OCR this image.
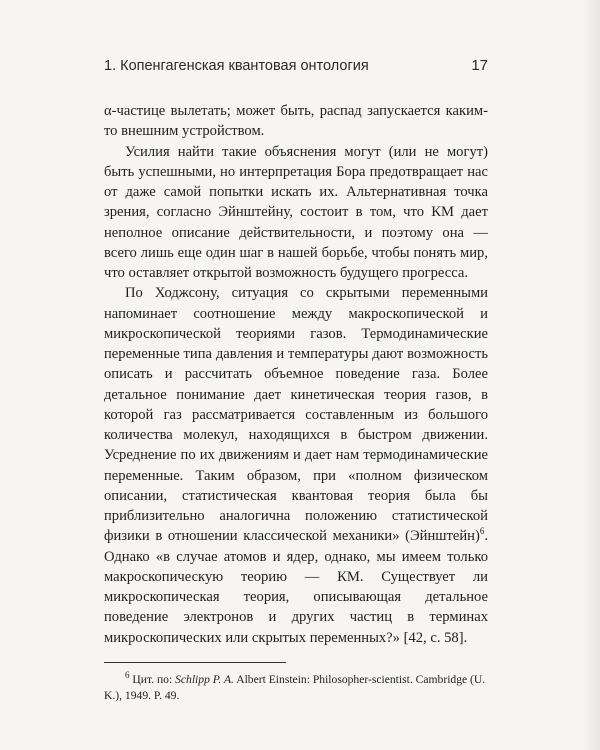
1. Копенгагенская квантовая онтология	17

α-частице вылетать; может быть, распад запускается каким-то внешним устройством.

Усилия найти такие объяснения могут (или не могут) быть успешными, но интерпретация Бора предотвращает нас от даже самой попытки искать их. Альтернативная точка зрения, согласно Эйнштейну, состоит в том, что КМ дает неполное описание действительности, и поэтому она — всего лишь еще один шаг в нашей борьбе, чтобы понять мир, что оставляет открытой возможность будущего прогресса.

По Ходжсону, ситуация со скрытыми переменными напоминает соотношение между макроскопической и микроскопической теориями газов. Термодинамические переменные типа давления и температуры дают возможность описать и рассчитать объемное поведение газа. Более детальное понимание дает кинетическая теория газов, в которой газ рассматривается составленным из большого количества молекул, находящихся в быстром движении. Усреднение по их движениям и дает нам термодинамические переменные. Таким образом, при «полном физическом описании, статистическая квантовая теория была бы приблизительно аналогична положению статистической физики в отношении классической механики» (Эйнштейн)$^6$. Однако «в случае атомов и ядер, однако, мы имеем только макроскопическую теорию — КМ. Существует ли микроскопическая теория, описывающая детальное поведение электронов и других частиц в терминах микроскопических или скрытых переменных?» [42, с. 58].

$^6$ Цит. по: Schlipp P. A. Albert Einstein: Philosopher-scientist. Cambridge (U. K.), 1949. P. 49.
